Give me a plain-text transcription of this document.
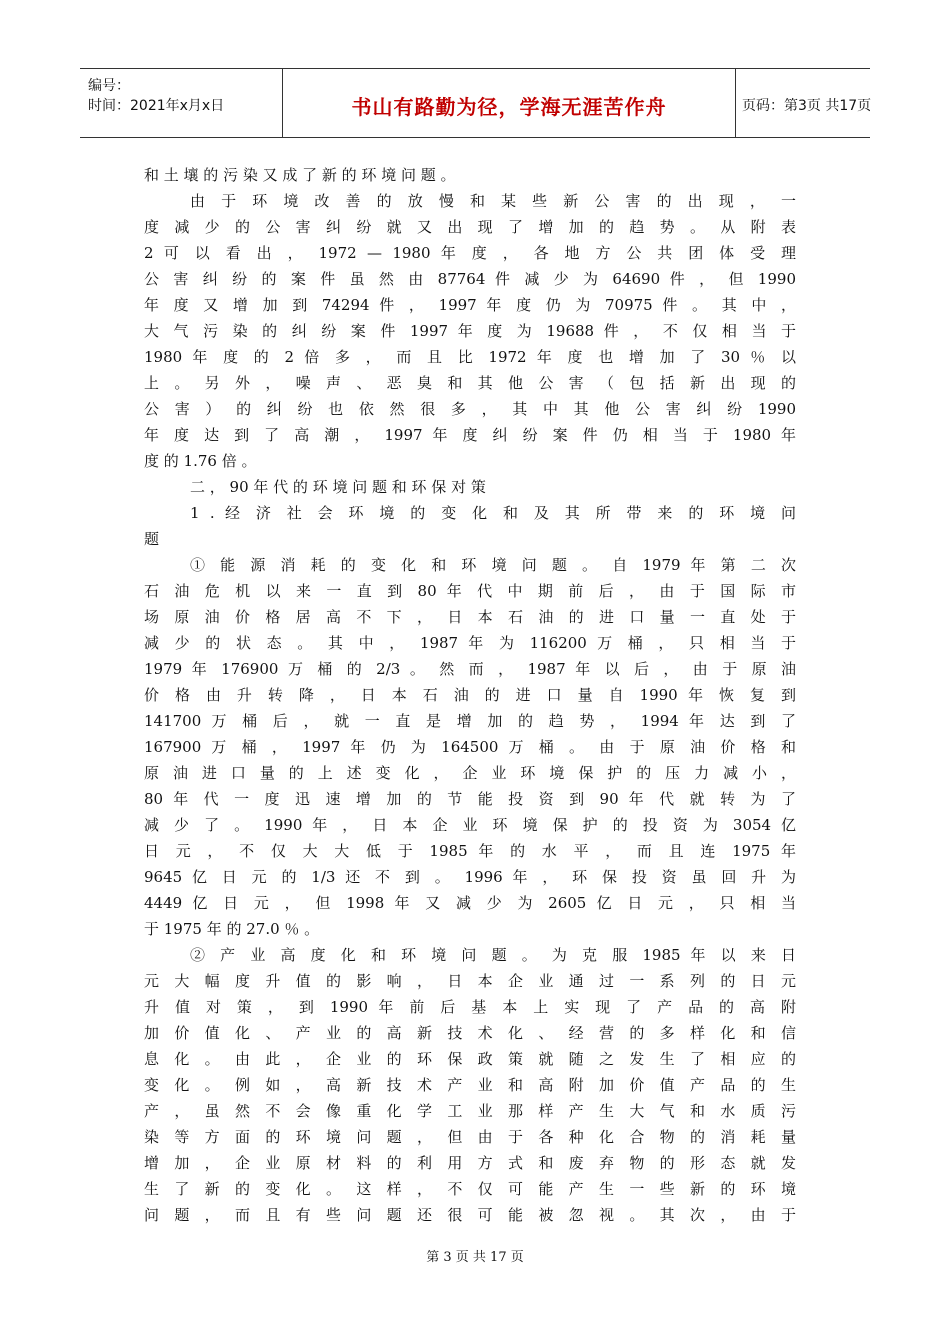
编号：
时间：2021年x月x日	书山有路勤为径，学海无涯苦作舟	页码：第3页 共17页
和 土 壤 的 污 染 又 成 了 新 的 环 境 问 题 。
由 于 环 境 改 善 的 放 慢 和 某 些 新 公 害 的 出 现 ， 一
度 减 少 的 公 害 纠 纷 就 又 出 现 了 增 加 的 趋 势 。 从 附 表
2 可 以 看 出 ， 1972 — 1980 年 度 ， 各 地 方 公 共 团 体 受 理
公 害 纠 纷 的 案 件 虽 然 由 87764 件 减 少 为 64690 件 ， 但 1990
年 度 又 增 加 到 74294 件 ， 1997 年 度 仍 为 70975 件 。 其 中 ，
大 气 污 染 的 纠 纷 案 件 1997 年 度 为 19688 件 ， 不 仅 相 当 于
1980 年 度 的 2 倍 多 ， 而 且 比 1972 年 度 也 增 加 了 30 ％ 以
上 。 另 外 ， 噪 声 、 恶 臭 和 其 他 公 害 （ 包 括 新 出 现 的
公 害 ） 的 纠 纷 也 依 然 很 多 ， 其 中 其 他 公 害 纠 纷 1990
年 度 达 到 了 高 潮 ， 1997 年 度 纠 纷 案 件 仍 相 当 于 1980 年
度 的 1.76 倍 。
二 ， 90 年 代 的 环 境 问 题 和 环 保 对 策
1 . 经 济 社 会 环 境 的 变 化 和 及 其 所 带 来 的 环 境 问
题
① 能 源 消 耗 的 变 化 和 环 境 问 题 。 自 1979 年 第 二 次
石 油 危 机 以 来 一 直 到 80 年 代 中 期 前 后 ， 由 于 国 际 市
场 原 油 价 格 居 高 不 下 ， 日 本 石 油 的 进 口 量 一 直 处 于
减 少 的 状 态 。 其 中 ， 1987 年 为 116200 万 桶 ， 只 相 当 于
1979 年 176900 万 桶 的 2/3 。 然 而 ， 1987 年 以 后 ， 由 于 原 油
价 格 由 升 转 降 ， 日 本 石 油 的 进 口 量 自 1990 年 恢 复 到
141700 万 桶 后 ， 就 一 直 是 增 加 的 趋 势 ， 1994 年 达 到 了
167900 万 桶 ， 1997 年 仍 为 164500 万 桶 。 由 于 原 油 价 格 和
原 油 进 口 量 的 上 述 变 化 ， 企 业 环 境 保 护 的 压 力 减 小 ，
80 年 代 一 度 迅 速 增 加 的 节 能 投 资 到 90 年 代 就 转 为 了
减 少 了 。 1990 年 ， 日 本 企 业 环 境 保 护 的 投 资 为 3054 亿
日 元 ， 不 仅 大 大 低 于 1985 年 的 水 平 ， 而 且 连 1975 年
9645 亿 日 元 的 1/3 还 不 到 。 1996 年 ， 环 保 投 资 虽 回 升 为
4449 亿 日 元 ， 但 1998 年 又 减 少 为 2605 亿 日 元 ， 只 相 当
于 1975 年 的 27.0 ％ 。
② 产 业 高 度 化 和 环 境 问 题 。 为 克 服 1985 年 以 来 日
元 大 幅 度 升 值 的 影 响 ， 日 本 企 业 通 过 一 系 列 的 日 元
升 值 对 策 ， 到 1990 年 前 后 基 本 上 实 现 了 产 品 的 高 附
加 价 值 化 、 产 业 的 高 新 技 术 化 、 经 营 的 多 样 化 和 信
息 化 。 由 此 ， 企 业 的 环 保 政 策 就 随 之 发 生 了 相 应 的
变 化 。 例 如 ， 高 新 技 术 产 业 和 高 附 加 价 值 产 品 的 生
产 ， 虽 然 不 会 像 重 化 学 工 业 那 样 产 生 大 气 和 水 质 污
染 等 方 面 的 环 境 问 题 ， 但 由 于 各 种 化 合 物 的 消 耗 量
增 加 ， 企 业 原 材 料 的 利 用 方 式 和 废 弃 物 的 形 态 就 发
生 了 新 的 变 化 。 这 样 ， 不 仅 可 能 产 生 一 些 新 的 环 境
问 题 ， 而 且 有 些 问 题 还 很 可 能 被 忽 视 。 其 次 ， 由 于
第 3 页 共 17 页
